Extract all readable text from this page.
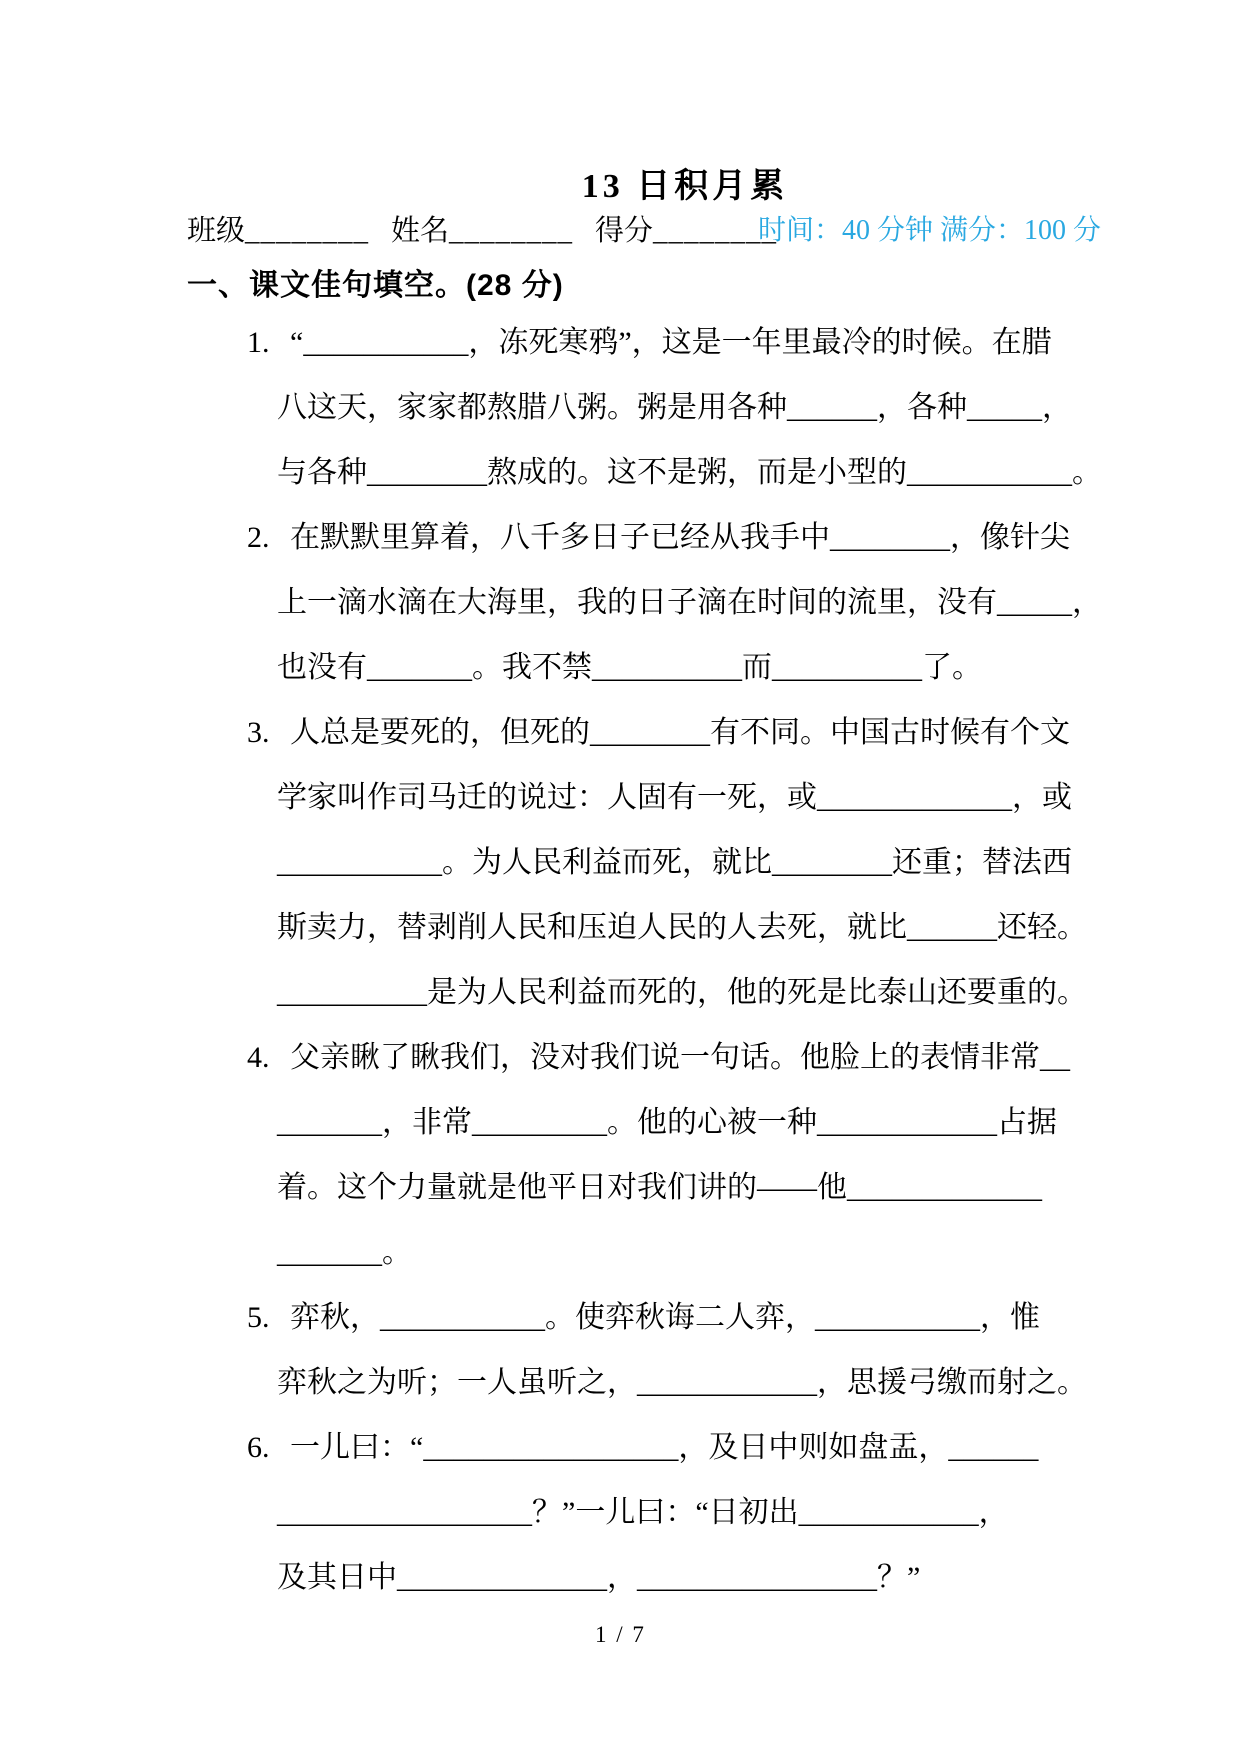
13 日积月累
班级________ 姓名________ 得分________
时间：40 分钟 满分：100 分
一、课文佳句填空。(28 分)
1. “___________，冻死寒鸦”，这是一年里最冷的时候。在腊
八这天，家家都熬腊八粥。粥是用各种______，各种_____，
与各种________熬成的。这不是粥，而是小型的___________。
2. 在默默里算着，八千多日子已经从我手中________，像针尖
上一滴水滴在大海里，我的日子滴在时间的流里，没有_____，
也没有_______。我不禁__________而__________了。
3. 人总是要死的，但死的________有不同。中国古时候有个文
学家叫作司马迁的说过：人固有一死，或_____________，或
___________。为人民利益而死，就比________还重；替法西
斯卖力，替剥削人民和压迫人民的人去死，就比______还轻。
__________是为人民利益而死的，他的死是比泰山还要重的。
4. 父亲瞅了瞅我们，没对我们说一句话。他脸上的表情非常__
_______，非常_________。他的心被一种____________占据
着。这个力量就是他平日对我们讲的——他_____________
_______。
5. 弈秋，___________。使弈秋诲二人弈，___________，惟
弈秋之为听；一人虽听之，____________，思援弓缴而射之。
6. 一儿曰：“_________________，及日中则如盘盂，______
_________________？”一儿曰：“日初出____________，
及其日中______________，________________？”
1 / 7
